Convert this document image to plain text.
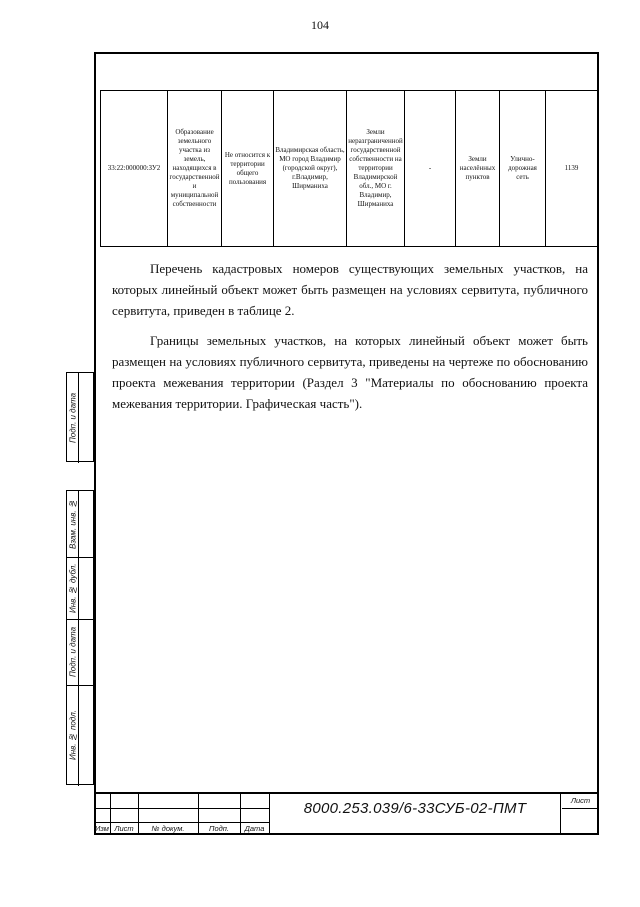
104
Подп. и дата
Взам. инв. №
Инв. № дубл.
Подп. и дата
Инв. № подл.
33:22:000000:ЗУ2	Образование земельного участка из земель, находящихся в государственной и муниципальной собственности	Не относится к территории общего пользования	Владимирская область, МО город Владимир (городской округ), г.Владимир, Ширманиха	Земли неразграниченной государственной собственности на территории Владимирской обл., МО г. Владимир, Ширманиха	-	Земли населённых пунктов	Улично-дорожная сеть	1139

Перечень кадастровых номеров существующих земельных участков, на которых линейный объект может быть размещен на условиях сервитута, публичного сервитута, приведен в таблице 2.

Границы земельных участков, на которых линейный объект может быть размещен на условиях публичного сервитута, приведены на чертеже по обоснованию проекта межевания территории (Раздел 3 "Материалы по обоснованию проекта межевания территории. Графическая часть").

Изм Лист	№ докум.	Подп.	Дата
8000.253.039/6-33СУБ-02-ПМТ	Лист
